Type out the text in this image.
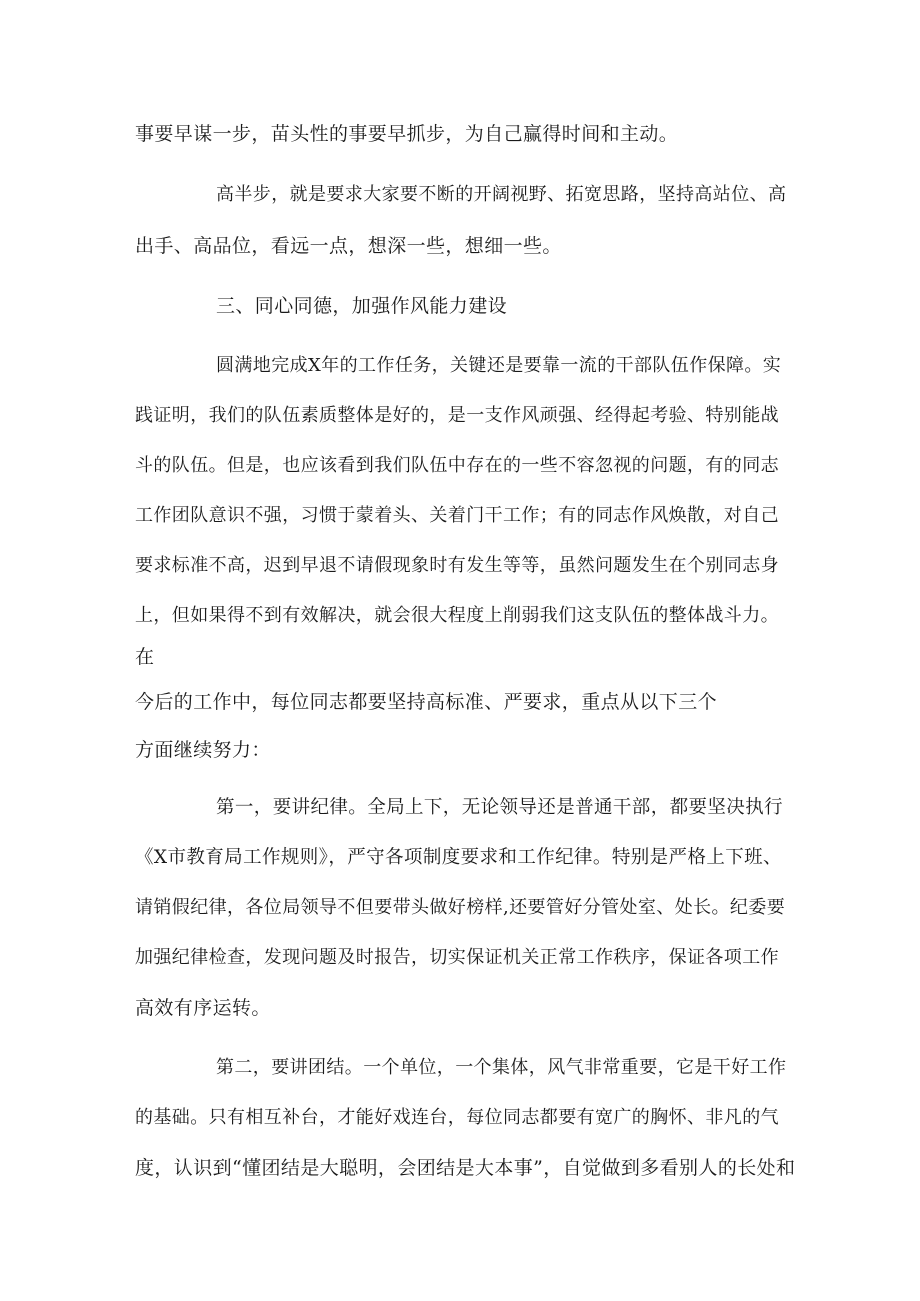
事要早谋一步，苗头性的事要早抓步，为自己赢得时间和主动。
高半步，就是要求大家要不断的开阔视野、拓宽思路，坚持高站位、高
出手、高品位，看远一点，想深一些，想细一些。
三、同心同德，加强作风能力建设
圆满地完成X年的工作任务，关键还是要靠一流的干部队伍作保障。实
践证明，我们的队伍素质整体是好的，是一支作风顽强、经得起考验、特别能战
斗的队伍。但是，也应该看到我们队伍中存在的一些不容忽视的问题，有的同志
工作团队意识不强，习惯于蒙着头、关着门干工作；有的同志作风焕散，对自己
要求标准不高，迟到早退不请假现象时有发生等等，虽然问题发生在个别同志身
上，但如果得不到有效解决，就会很大程度上削弱我们这支队伍的整体战斗力。
在
今后的工作中，每位同志都要坚持高标准、严要求，重点从以下三个
方面继续努力：
第一，要讲纪律。全局上下，无论领导还是普通干部，都要坚决执行
《X市教育局工作规则》，严守各项制度要求和工作纪律。特别是严格上下班、
请销假纪律，各位局领导不但要带头做好榜样,还要管好分管处室、处长。纪委要
加强纪律检查，发现问题及时报告，切实保证机关正常工作秩序，保证各项工作
高效有序运转。
第二，要讲团结。一个单位，一个集体，风气非常重要，它是干好工作
的基础。只有相互补台，才能好戏连台，每位同志都要有宽广的胸怀、非凡的气
度，认识到“懂团结是大聪明，会团结是大本事”，自觉做到多看别人的长处和
